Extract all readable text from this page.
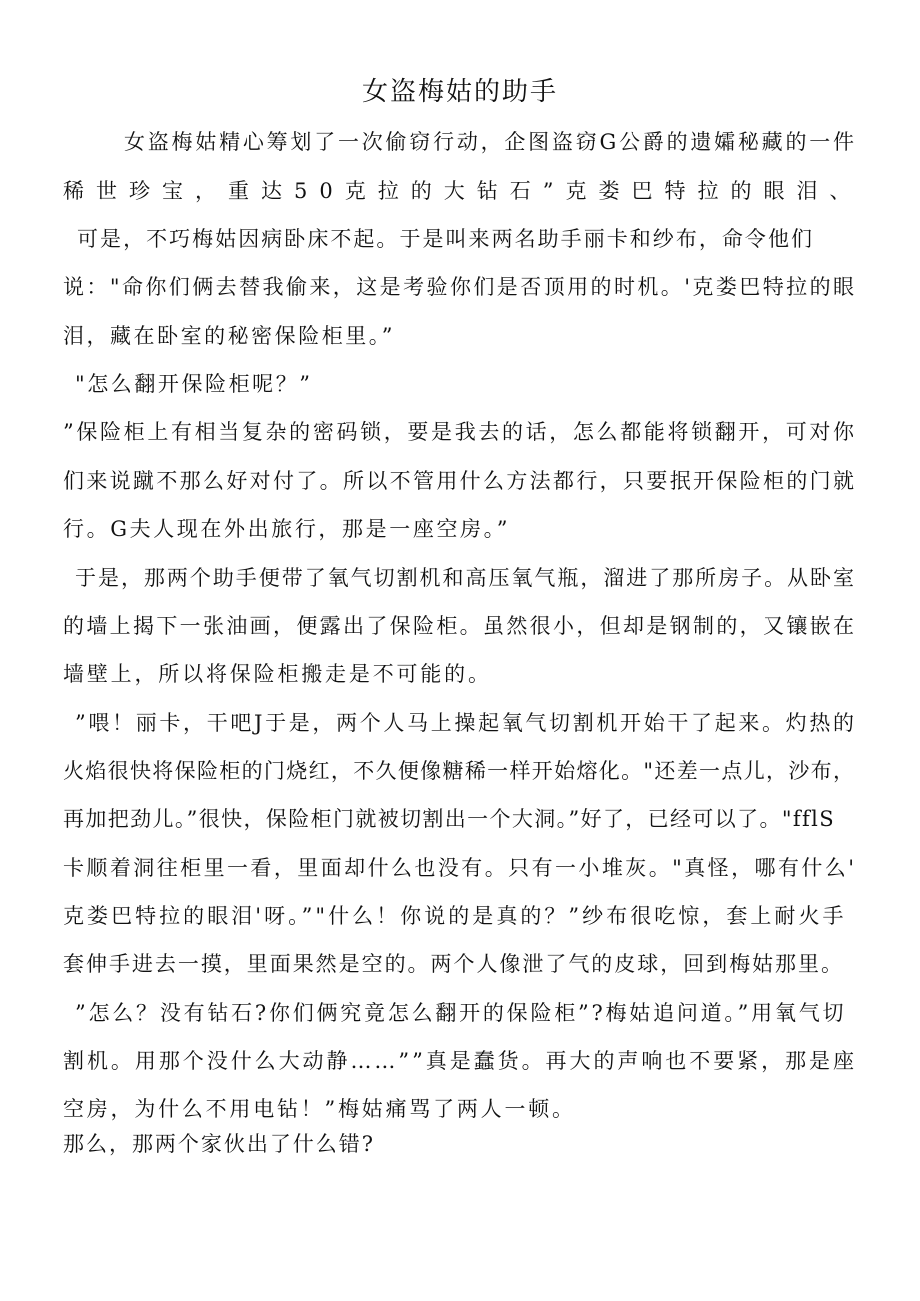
女盗梅姑的助手
女盗梅姑精心筹划了一次偷窃行动，企图盗窃G公爵的遗孀秘藏的一件
稀世珍宝，重达50克拉的大钻石”克娄巴特拉的眼泪、
可是，不巧梅姑因病卧床不起。于是叫来两名助手丽卡和纱布，命令他们
说："命你们俩去替我偷来，这是考验你们是否顶用的时机。'克娄巴特拉的眼
泪，藏在卧室的秘密保险柜里。”
"怎么翻开保险柜呢？”
”保险柜上有相当复杂的密码锁，要是我去的话，怎么都能将锁翻开，可对你
们来说蹴不那么好对付了。所以不管用什么方法都行，只要抿开保险柜的门就
行。G夫人现在外出旅行，那是一座空房。”
于是，那两个助手便带了氧气切割机和高压氧气瓶，溜进了那所房子。从卧室
的墙上揭下一张油画，便露出了保险柜。虽然很小，但却是钢制的，又镶嵌在
墙壁上，所以将保险柜搬走是不可能的。
”喂！丽卡，干吧J于是，两个人马上操起氧气切割机开始干了起来。灼热的
火焰很快将保险柜的门烧红，不久便像糖稀一样开始熔化。"还差一点儿，沙布，
再加把劲儿。”很快，保险柜门就被切割出一个大洞。”好了，已经可以了。"fflS
卡顺着洞往柜里一看，里面却什么也没有。只有一小堆灰。"真怪，哪有什么'
克娄巴特拉的眼泪'呀。”"什么！你说的是真的？”纱布很吃惊，套上耐火手
套伸手进去一摸，里面果然是空的。两个人像泄了气的皮球，回到梅姑那里。
”怎么？没有钻石?你们俩究竟怎么翻开的保险柜”?梅姑追问道。”用氧气切
割机。用那个没什么大动静……””真是蠢货。再大的声响也不要紧，那是座
空房，为什么不用电钻！”梅姑痛骂了两人一顿。
那么，那两个家伙出了什么错?
